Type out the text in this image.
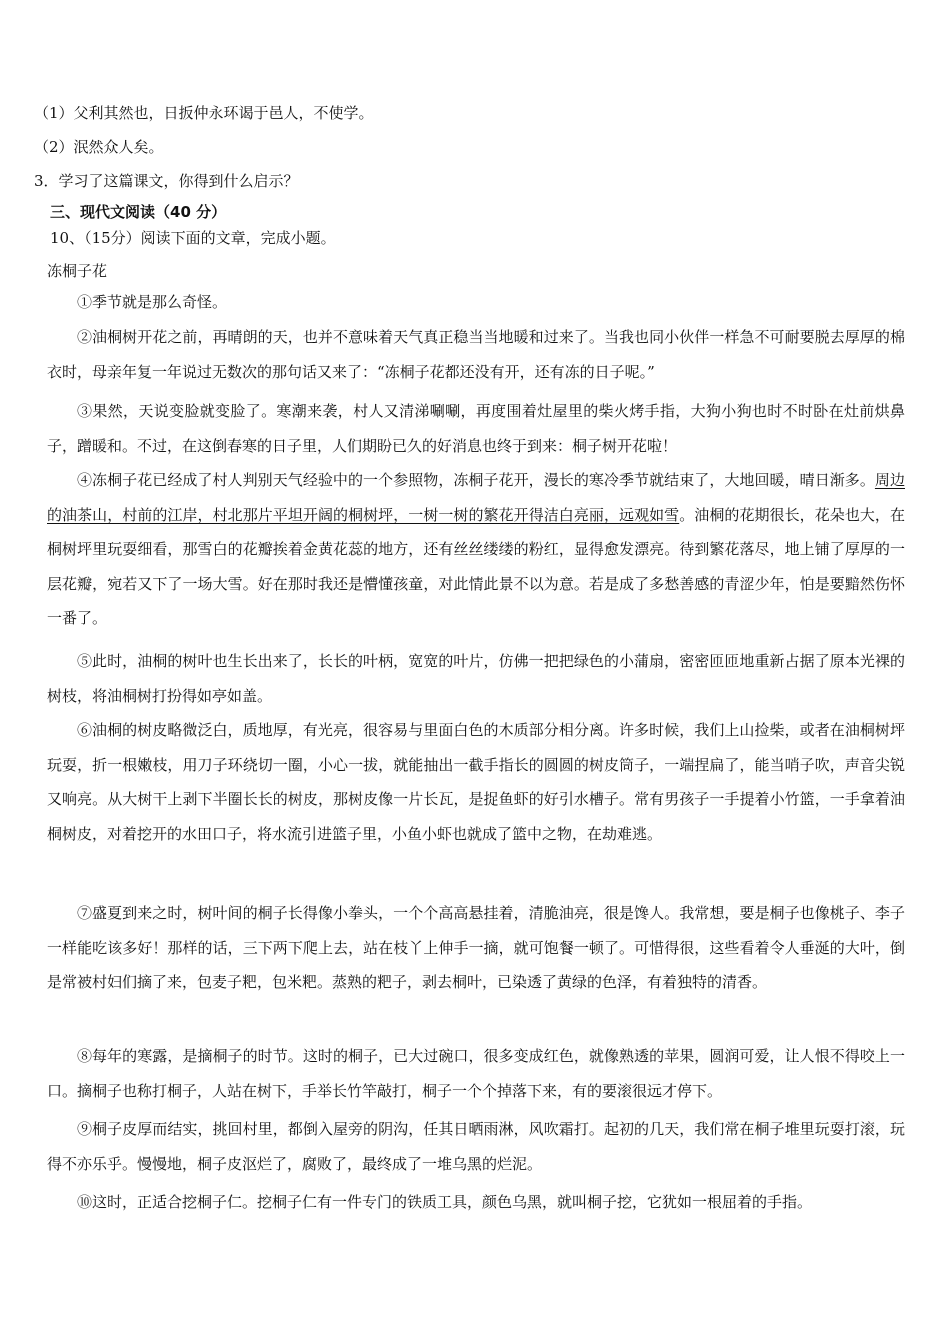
（1）父利其然也，日扳仲永环谒于邑人，不使学。
（2）泯然众人矣。
3．学习了这篇课文，你得到什么启示？
三、现代文阅读（40 分）
10、（15分）阅读下面的文章，完成小题。
冻桐子花

①季节就是那么奇怪。

②油桐树开花之前，再晴朗的天，也并不意味着天气真正稳当当地暖和过来了。当我也同小伙伴一样急不可耐要脱去厚厚的棉衣时，母亲年复一年说过无数次的那句话又来了：“冻桐子花都还没有开，还有冻的日子呢。”

③果然，天说变脸就变脸了。寒潮来袭，村人又清涕唰唰，再度围着灶屋里的柴火烤手指，大狗小狗也时不时卧在灶前烘鼻子，蹭暖和。不过，在这倒春寒的日子里，人们期盼已久的好消息也终于到来：桐子树开花啦！

④冻桐子花已经成了村人判别天气经验中的一个参照物，冻桐子花开，漫长的寒冷季节就结束了，大地回暖，晴日渐多。周边的油茶山，村前的江岸，村北那片平坦开阔的桐树坪，一树一树的繁花开得洁白亮丽，远观如雪。油桐的花期很长，花朵也大，在桐树坪里玩耍细看，那雪白的花瓣挨着金黄花蕊的地方，还有丝丝缕缕的粉红，显得愈发漂亮。待到繁花落尽，地上铺了厚厚的一层花瓣，宛若又下了一场大雪。好在那时我还是懵懂孩童，对此情此景不以为意。若是成了多愁善感的青涩少年，怕是要黯然伤怀一番了。

⑤此时，油桐的树叶也生长出来了，长长的叶柄，宽宽的叶片，仿佛一把把绿色的小蒲扇，密密匝匝地重新占据了原本光裸的树枝，将油桐树打扮得如亭如盖。

⑥油桐的树皮略微泛白，质地厚，有光亮，很容易与里面白色的木质部分相分离。许多时候，我们上山捡柴，或者在油桐树坪玩耍，折一根嫩枝，用刀子环绕切一圈，小心一拔，就能抽出一截手指长的圆圆的树皮筒子，一端捏扁了，能当哨子吹，声音尖锐又响亮。从大树干上剥下半圈长长的树皮，那树皮像一片长瓦，是捉鱼虾的好引水槽子。常有男孩子一手提着小竹篮，一手拿着油桐树皮，对着挖开的水田口子，将水流引进篮子里，小鱼小虾也就成了篮中之物，在劫难逃。

⑦盛夏到来之时，树叶间的桐子长得像小拳头，一个个高高悬挂着，清脆油亮，很是馋人。我常想，要是桐子也像桃子、李子一样能吃该多好！那样的话，三下两下爬上去，站在枝丫上伸手一摘，就可饱餐一顿了。可惜得很，这些看着令人垂涎的大叶，倒是常被村妇们摘了来，包麦子粑，包米粑。蒸熟的粑子，剥去桐叶，已染透了黄绿的色泽，有着独特的清香。

⑧每年的寒露，是摘桐子的时节。这时的桐子，已大过碗口，很多变成红色，就像熟透的苹果，圆润可爱，让人恨不得咬上一口。摘桐子也称打桐子，人站在树下，手举长竹竿敲打，桐子一个个掉落下来，有的要滚很远才停下。

⑨桐子皮厚而结实，挑回村里，都倒入屋旁的阴沟，任其日晒雨淋，风吹霜打。起初的几天，我们常在桐子堆里玩耍打滚，玩得不亦乐乎。慢慢地，桐子皮沤烂了，腐败了，最终成了一堆乌黑的烂泥。

⑩这时，正适合挖桐子仁。挖桐子仁有一件专门的铁质工具，颜色乌黑，就叫桐子挖，它犹如一根屈着的手指。
